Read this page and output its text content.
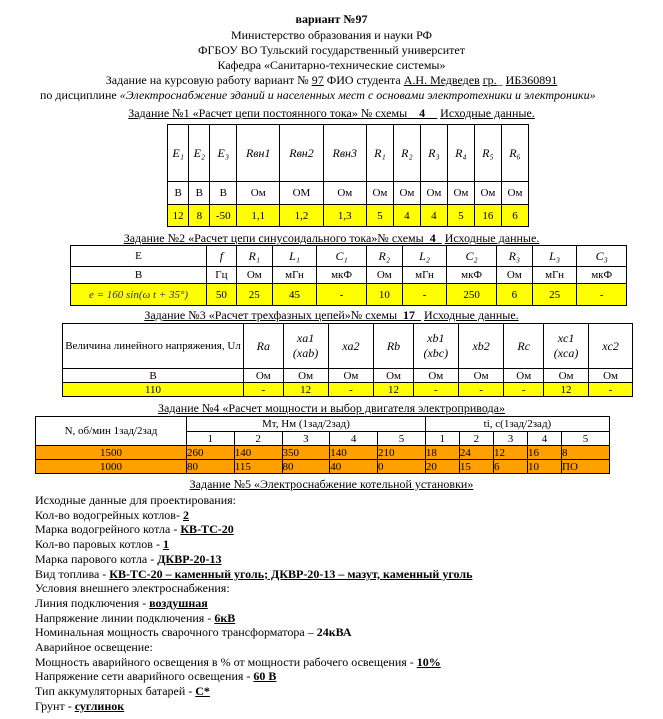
вариант №97
Министерство образования и науки РФ
ФГБОУ ВО Тульский государственный университет
Кафедра «Санитарно-технические системы»
Задание на курсовую работу вариант № 97 ФИО студента А.Н. Медведев гр._ ИБ360891
по дисциплине «Электроснабжение зданий и населенных мест с основами электротехники и электроники»
Задание №1 «Расчет цепи постоянного тока» № схемы__4__ Исходные данные.
E₁	E₂	E₃	Rвн1	Rвн2	Rвн3	R₁	R₂	R₃	R₄	R₅	R₆
В	В	В	Ом	ОМ	Ом	Ом	Ом	Ом	Ом	Ом	Ом
12	8	-50	1,1	1,2	1,3	5	4	4	5	16	6
Задание №2 «Расчет цепи синусоидального тока»№ схемы_4_ Исходные данные.
E	f	R₁	L₁	C₁	R₂	L₂	C₂	R₃	L₃	C₃
В	Гц	Ом	мГн	мкФ	Ом	мГн	мкФ	Ом	мГн	мкФ
e = 160 sin(ω t + 35°)	50	25	45	-	10	-	250	6	25	-
Задание №3 «Расчет трехфазных цепей»№ схемы_17_ Исходные данные.
Величина линейного напряжения, Uл	Ra	xa1 (xab)	xa2	Rb	xb1 (xbc)	xb2	Rc	xc1 (xca)	xc2
В	Ом	Ом	Ом	Ом	Ом	Ом	Ом	Ом	Ом
110	-	12	-	12	-	-	-	12	-
Задание №4 «Расчет мощности и выбор двигателя электропривода»
N, об/мин 1зад/2зад	Мт, Нм (1зад/2зад)					ti, с(1зад/2зад)				
	1	2	3	4	5	1	2	3	4	5
1500	260	140	350	140	210	18	24	12	16	8
1000	80	115	80	40	0	20	15	6	10	ПО
Задание №5 «Электроснабжение котельной установки»
Исходные данные для проектирования:
Кол-во водогрейных котлов- 2
Марка водогрейного котла - КВ-ТС-20
Кол-во паровых котлов - 1
Марка парового котла - ДКВР-20-13
Вид топлива - КВ-ТС-20 – каменный уголь; ДКВР-20-13 – мазут, каменный уголь
Условия внешнего электроснабжения:
Линия подключения - воздушная
Напряжение линии подключения - 6кВ
Номинальная мощность сварочного трансформатора – 24кВА
Аварийное освещение:
Мощность аварийного освещения в % от мощности рабочего освещения - 10%
Напряжение сети аварийного освещения - 60 В
Тип аккумуляторных батарей - С*
Грунт - суглинок
